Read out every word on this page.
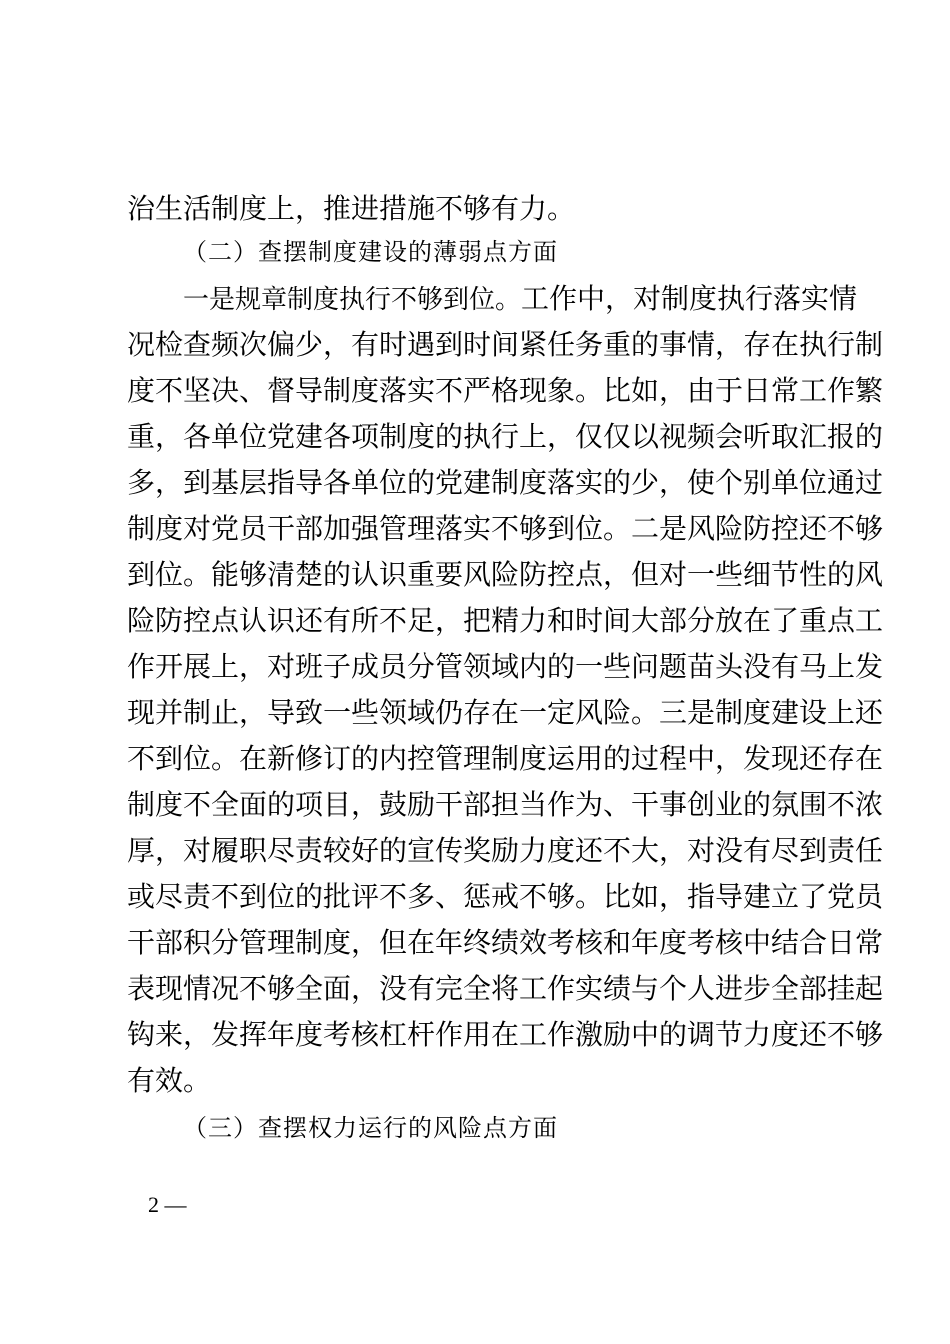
治生活制度上，推进措施不够有力。
（二）查摆制度建设的薄弱点方面
一是规章制度执行不够到位。工作中，对制度执行落实情
况检查频次偏少，有时遇到时间紧任务重的事情，存在执行制
度不坚决、督导制度落实不严格现象。比如，由于日常工作繁
重，各单位党建各项制度的执行上，仅仅以视频会听取汇报的
多，到基层指导各单位的党建制度落实的少，使个别单位通过
制度对党员干部加强管理落实不够到位。二是风险防控还不够
到位。能够清楚的认识重要风险防控点，但对一些细节性的风
险防控点认识还有所不足，把精力和时间大部分放在了重点工
作开展上，对班子成员分管领域内的一些问题苗头没有马上发
现并制止，导致一些领域仍存在一定风险。三是制度建设上还
不到位。在新修订的内控管理制度运用的过程中，发现还存在
制度不全面的项目，鼓励干部担当作为、干事创业的氛围不浓
厚，对履职尽责较好的宣传奖励力度还不大，对没有尽到责任
或尽责不到位的批评不多、惩戒不够。比如，指导建立了党员
干部积分管理制度，但在年终绩效考核和年度考核中结合日常
表现情况不够全面，没有完全将工作实绩与个人进步全部挂起
钩来，发挥年度考核杠杆作用在工作激励中的调节力度还不够
有效。
（三）查摆权力运行的风险点方面
2 —
